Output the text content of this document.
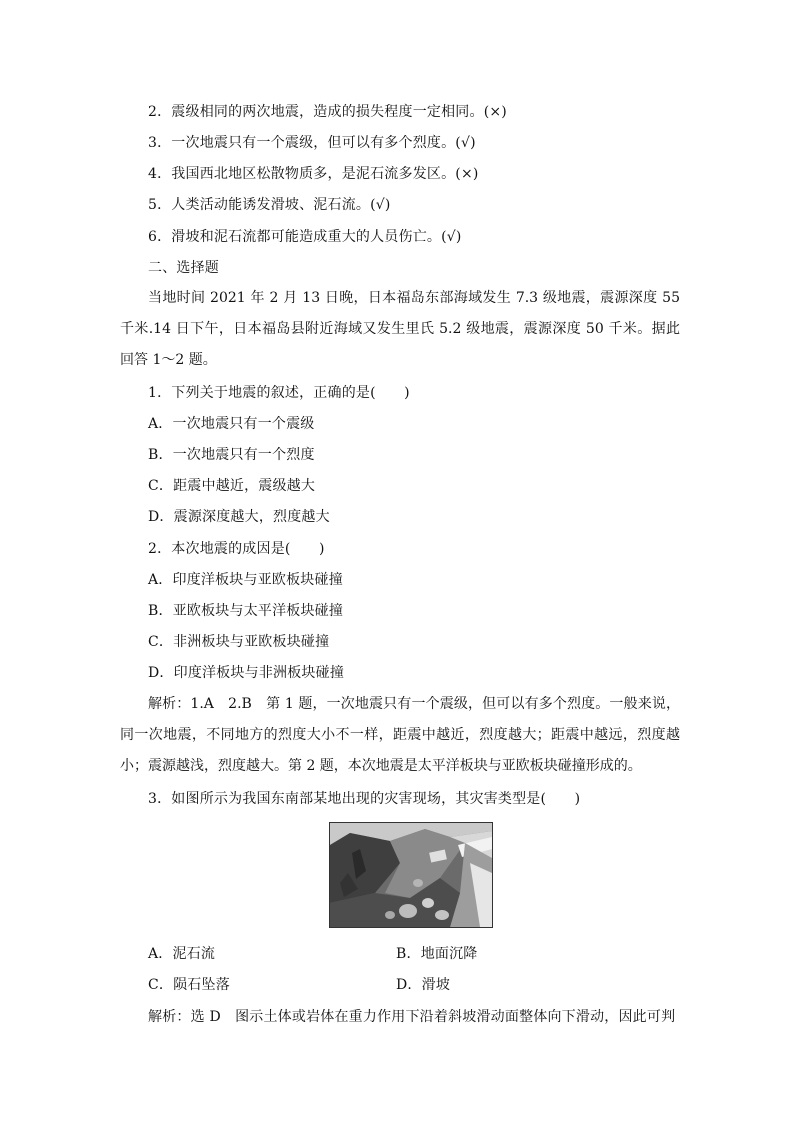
2．震级相同的两次地震，造成的损失程度一定相同。(×)
3．一次地震只有一个震级，但可以有多个烈度。(√)
4．我国西北地区松散物质多，是泥石流多发区。(×)
5．人类活动能诱发滑坡、泥石流。(√)
6．滑坡和泥石流都可能造成重大的人员伤亡。(√)
二、选择题
当地时间 2021 年 2 月 13 日晚，日本福岛东部海域发生 7.3 级地震，震源深度 55 千米.14 日下午，日本福岛县附近海域又发生里氏 5.2 级地震，震源深度 50 千米。据此回答 1～2 题。
1．下列关于地震的叙述，正确的是(　　)
A．一次地震只有一个震级
B．一次地震只有一个烈度
C．距震中越近，震级越大
D．震源深度越大，烈度越大
2．本次地震的成因是(　　)
A．印度洋板块与亚欧板块碰撞
B．亚欧板块与太平洋板块碰撞
C．非洲板块与亚欧板块碰撞
D．印度洋板块与非洲板块碰撞
解析：1.A　2.B　第 1 题，一次地震只有一个震级，但可以有多个烈度。一般来说，同一次地震，不同地方的烈度大小不一样，距震中越近，烈度越大；距震中越远，烈度越小；震源越浅，烈度越大。第 2 题，本次地震是太平洋板块与亚欧板块碰撞形成的。
3．如图所示为我国东南部某地出现的灾害现场，其灾害类型是(　　)
A．泥石流	B．地面沉降
C．陨石坠落	D．滑坡
解析：选 D　图示土体或岩体在重力作用下沿着斜坡滑动面整体向下滑动，因此可判
